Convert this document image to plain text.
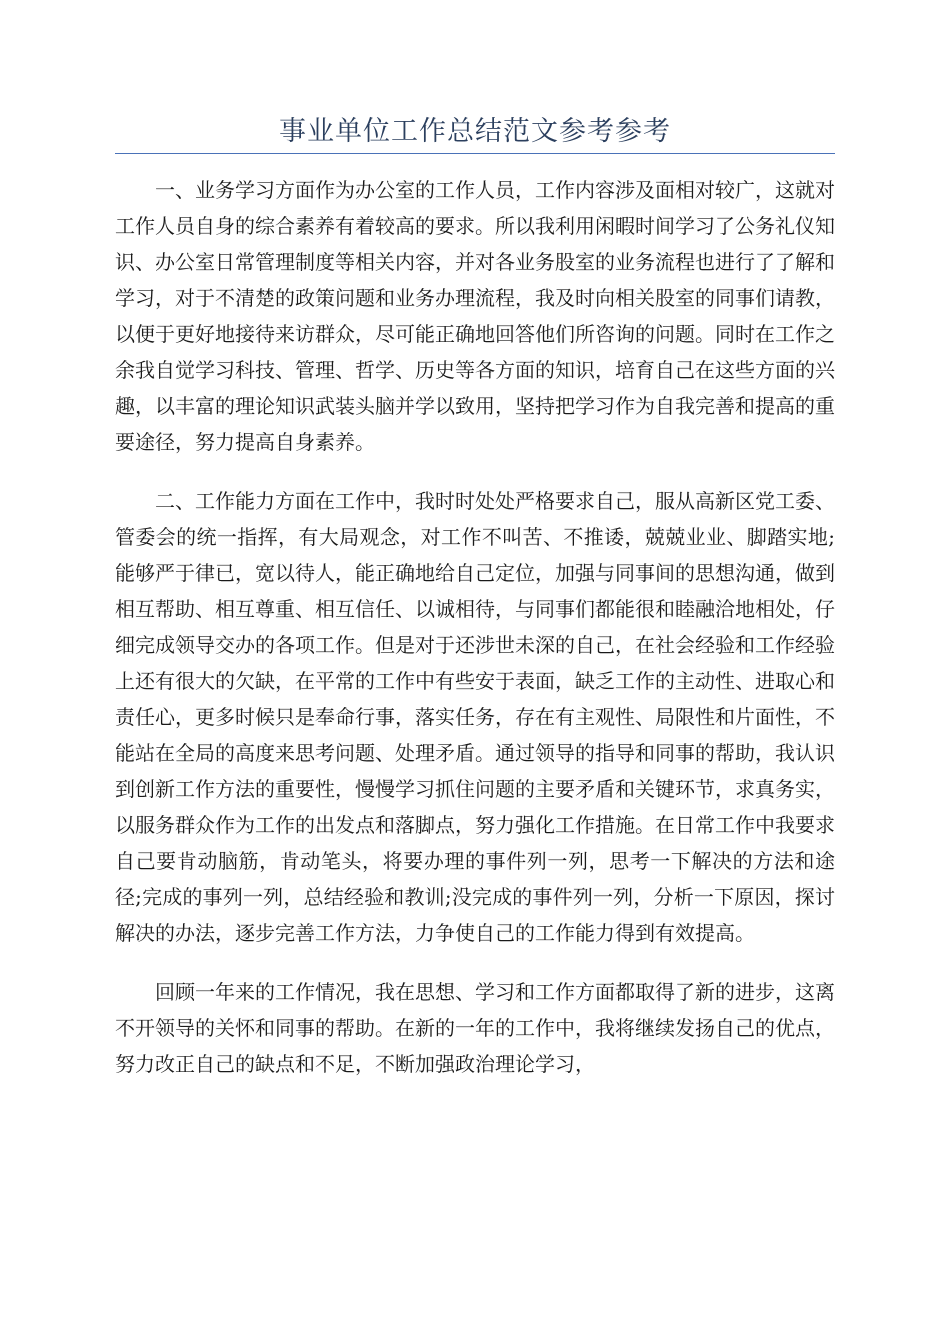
事业单位工作总结范文参考参考

一、业务学习方面作为办公室的工作人员，工作内容涉及面相对较广，这就对工作人员自身的综合素养有着较高的要求。所以我利用闲暇时间学习了公务礼仪知识、办公室日常管理制度等相关内容，并对各业务股室的业务流程也进行了了解和学习，对于不清楚的政策问题和业务办理流程，我及时向相关股室的同事们请教，以便于更好地接待来访群众，尽可能正确地回答他们所咨询的问题。同时在工作之余我自觉学习科技、管理、哲学、历史等各方面的知识，培育自己在这些方面的兴趣，以丰富的理论知识武装头脑并学以致用，坚持把学习作为自我完善和提高的重要途径，努力提高自身素养。

二、工作能力方面在工作中，我时时处处严格要求自己，服从高新区党工委、管委会的统一指挥，有大局观念，对工作不叫苦、不推诿，兢兢业业、脚踏实地;能够严于律已，宽以待人，能正确地给自己定位，加强与同事间的思想沟通，做到相互帮助、相互尊重、相互信任、以诚相待，与同事们都能很和睦融洽地相处，仔细完成领导交办的各项工作。但是对于还涉世未深的自己，在社会经验和工作经验上还有很大的欠缺，在平常的工作中有些安于表面，缺乏工作的主动性、进取心和责任心，更多时候只是奉命行事，落实任务，存在有主观性、局限性和片面性，不能站在全局的高度来思考问题、处理矛盾。通过领导的指导和同事的帮助，我认识到创新工作方法的重要性，慢慢学习抓住问题的主要矛盾和关键环节，求真务实，以服务群众作为工作的出发点和落脚点，努力强化工作措施。在日常工作中我要求自己要肯动脑筋，肯动笔头，将要办理的事件列一列，思考一下解决的方法和途径;完成的事列一列，总结经验和教训;没完成的事件列一列，分析一下原因，探讨解决的办法，逐步完善工作方法，力争使自己的工作能力得到有效提高。

回顾一年来的工作情况，我在思想、学习和工作方面都取得了新的进步，这离不开领导的关怀和同事的帮助。在新的一年的工作中，我将继续发扬自己的优点，努力改正自己的缺点和不足，不断加强政治理论学习，
